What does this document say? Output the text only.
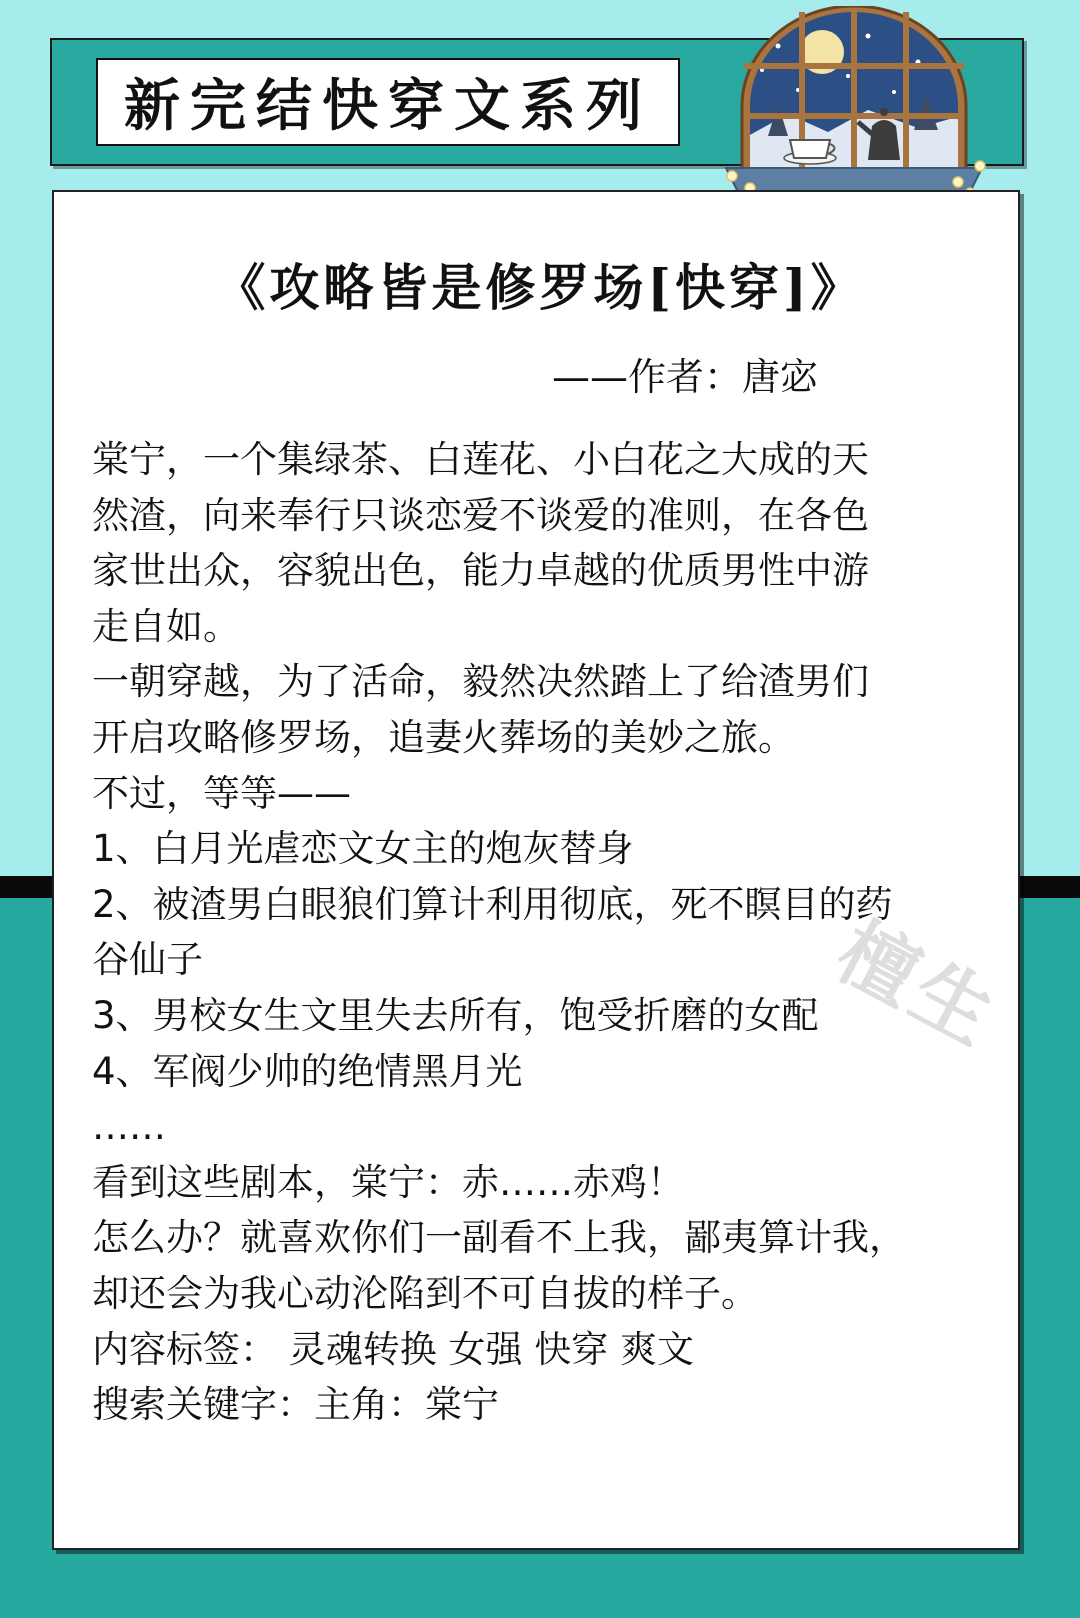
新完结快穿文系列
《攻略皆是修罗场[快穿]》
——作者：唐宓

棠宁，一个集绿茶、白莲花、小白花之大成的天

然渣，向来奉行只谈恋爱不谈爱的准则，在各色

家世出众，容貌出色，能力卓越的优质男性中游

走自如。

一朝穿越，为了活命，毅然决然踏上了给渣男们

开启攻略修罗场，追妻火葬场的美妙之旅。

不过，等等——

1、白月光虐恋文女主的炮灰替身

2、被渣男白眼狼们算计利用彻底，死不瞑目的药

谷仙子

3、男校女生文里失去所有，饱受折磨的女配

4、军阀少帅的绝情黑月光

……

看到这些剧本，棠宁：赤……赤鸡！

怎么办？就喜欢你们一副看不上我，鄙夷算计我，

却还会为我心动沦陷到不可自拔的样子。

内容标签： 灵魂转换 女强 快穿 爽文

搜索关键字：主角：棠宁

檀生
